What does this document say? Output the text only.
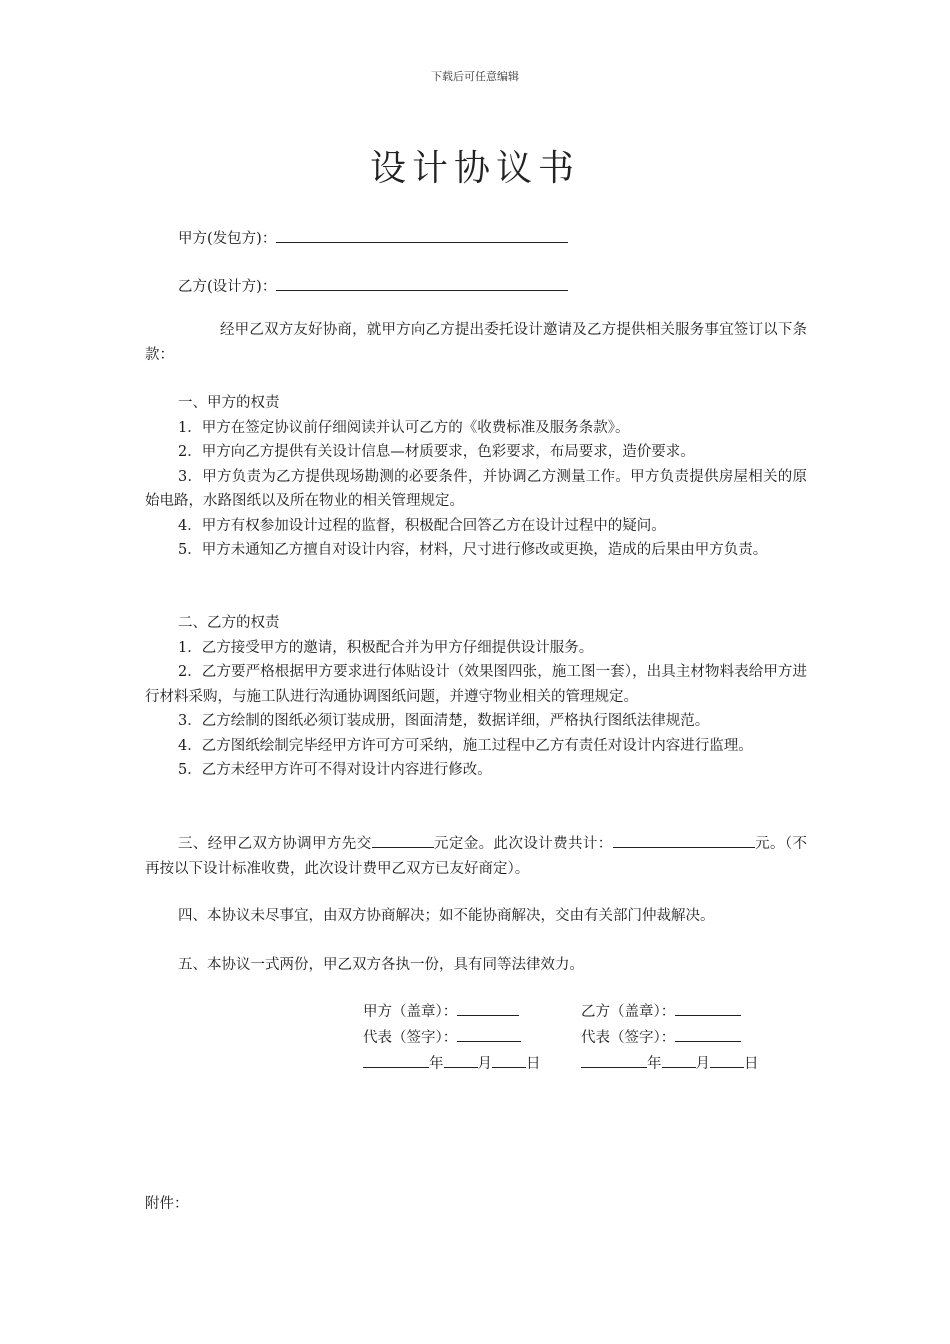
下载后可任意编辑
设计协议书
甲方(发包方)：
乙方(设计方)：

经甲乙双方友好协商，就甲方向乙方提出委托设计邀请及乙方提供相关服务事宜签订以下条款：

一、甲方的权责

1．甲方在签定协议前仔细阅读并认可乙方的《收费标准及服务条款》。

2．甲方向乙方提供有关设计信息—材质要求，色彩要求，布局要求，造价要求。

3．甲方负责为乙方提供现场勘测的必要条件，并协调乙方测量工作。甲方负责提供房屋相关的原始电路，水路图纸以及所在物业的相关管理规定。

4．甲方有权参加设计过程的监督，积极配合回答乙方在设计过程中的疑问。

5．甲方未通知乙方擅自对设计内容，材料，尺寸进行修改或更换，造成的后果由甲方负责。

二、乙方的权责

1．乙方接受甲方的邀请，积极配合并为甲方仔细提供设计服务。

2．乙方要严格根据甲方要求进行体贴设计（效果图四张，施工图一套），出具主材物料表给甲方进行材料采购，与施工队进行沟通协调图纸问题，并遵守物业相关的管理规定。

3．乙方绘制的图纸必须订装成册，图面清楚，数据详细，严格执行图纸法律规范。

4．乙方图纸绘制完毕经甲方许可方可采纳，施工过程中乙方有责任对设计内容进行监理。

5．乙方未经甲方许可不得对设计内容进行修改。

三、经甲乙双方协调甲方先交	元定金。此次设计费共计：	元。（不再按以下设计标准收费，此次设计费甲乙双方已友好商定）。

四、本协议未尽事宜，由双方协商解决；如不能协商解决，交由有关部门仲裁解决。

五、本协议一式两份，甲乙双方各执一份，具有同等法律效力。

甲方（盖章）：
代表（签字）：
年 月 日
乙方（盖章）：
代表（签字）：
年 月 日
附件：
